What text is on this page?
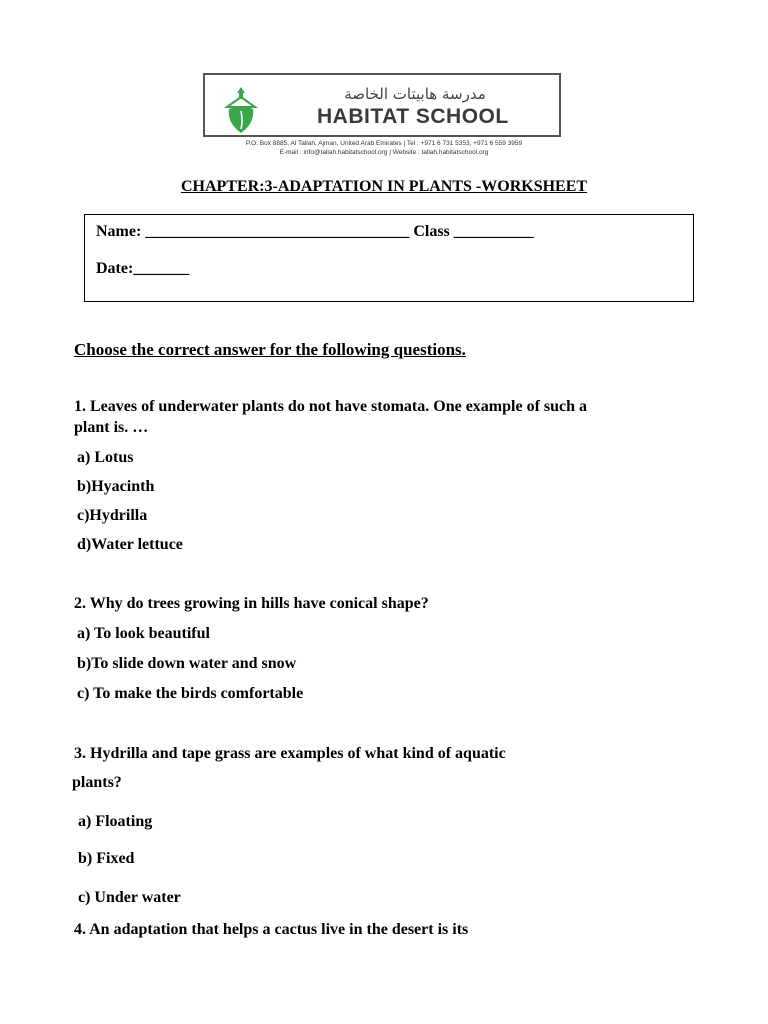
مدرسة هابيتات الخاصة
HABITAT SCHOOL
P.O. Box 8885, Al Tallah, Ajman, United Arab Emirates | Tel : +971 6 731 5353, +971 6 559 3959
E-mail : info@tallah.habitatschool.org | Website : tallah.habitatschool.org
CHAPTER:3-ADAPTATION IN PLANTS -WORKSHEET
Name: _________________________________ Class __________
Date:_______
Choose the correct answer for the following questions.
1. Leaves of underwater plants do not have stomata. One example of such a
plant is. …
a) Lotus
b)Hyacinth
c)Hydrilla
d)Water lettuce
2. Why do trees growing in hills have conical shape?
a) To look beautiful
b)To slide down water and snow
c) To make the birds comfortable
3. Hydrilla and tape grass are examples of what kind of aquatic
plants?
a) Floating
b) Fixed
c) Under water
4. An adaptation that helps a cactus live in the desert is its
